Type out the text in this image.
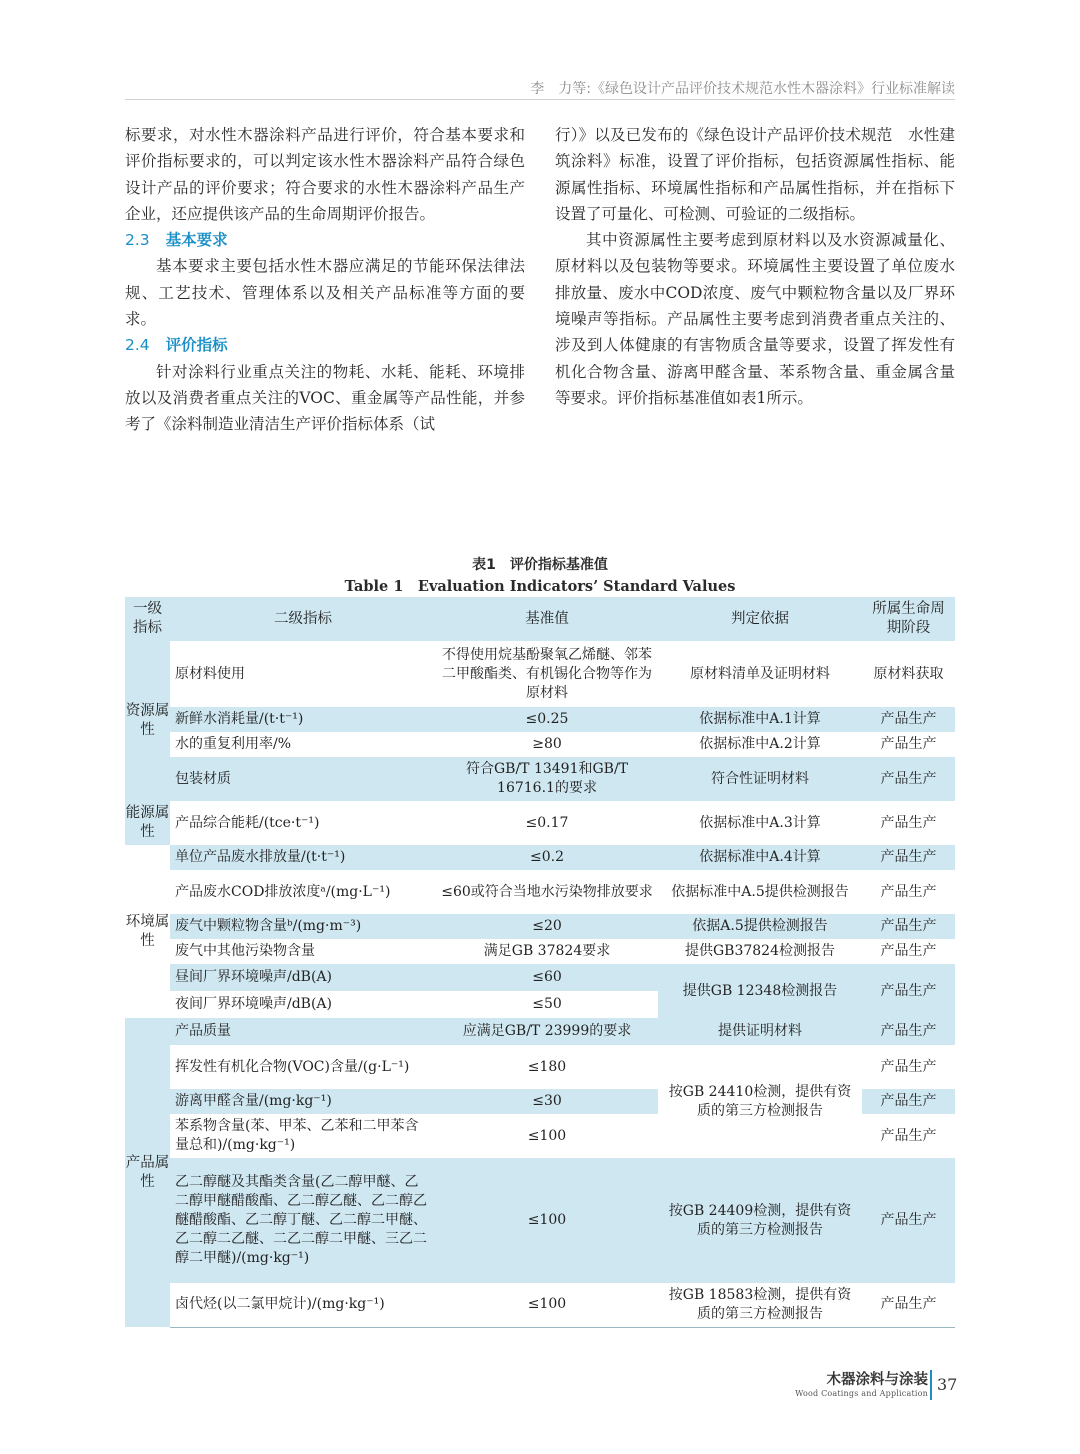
李　力等:《绿色设计产品评价技术规范水性木器涂料》行业标准解读

标要求，对水性木器涂料产品进行评价，符合基本要求和评价指标要求的，可以判定该水性木器涂料产品符合绿色设计产品的评价要求；符合要求的水性木器涂料产品生产企业，还应提供该产品的生命周期评价报告。

2.3 基本要求

基本要求主要包括水性木器应满足的节能环保法律法规、工艺技术、管理体系以及相关产品标准等方面的要求。

2.4 评价指标

针对涂料行业重点关注的物耗、水耗、能耗、环境排放以及消费者重点关注的VOC、重金属等产品性能，并参考了《涂料制造业清洁生产评价指标体系（试

行）》以及已发布的《绿色设计产品评价技术规范　水性建筑涂料》标准，设置了评价指标，包括资源属性指标、能源属性指标、环境属性指标和产品属性指标，并在指标下设置了可量化、可检测、可验证的二级指标。

其中资源属性主要考虑到原材料以及水资源减量化、原材料以及包装物等要求。环境属性主要设置了单位废水排放量、废水中COD浓度、废气中颗粒物含量以及厂界环境噪声等指标。产品属性主要考虑到消费者重点关注的、涉及到人体健康的有害物质含量等要求，设置了挥发性有机化合物含量、游离甲醛含量、苯系物含量、重金属含量等要求。评价指标基准值如表1所示。

表1　评价指标基准值
Table 1　Evaluation Indicators’ Standard Values
一级指标	二级指标	基准值	判定依据	所属生命周期阶段
资源属性	原材料使用	不得使用烷基酚聚氧乙烯醚、邻苯二甲酸酯类、有机锡化合物等作为原材料	原材料清单及证明材料	原材料获取
	新鲜水消耗量/(t·t⁻¹)	≤0.25	依据标准中A.1计算	产品生产
	水的重复利用率/%	≥80	依据标准中A.2计算	产品生产
	包装材质	符合GB/T 13491和GB/T 16716.1的要求	符合性证明材料	产品生产
能源属性	产品综合能耗/(tce·t⁻¹)	≤0.17	依据标准中A.3计算	产品生产
环境属性	单位产品废水排放量/(t·t⁻¹)	≤0.2	依据标准中A.4计算	产品生产
	产品废水COD排放浓度ᵃ/(mg·L⁻¹)	≤60或符合当地水污染物排放要求	依据标准中A.5提供检测报告	产品生产
	废气中颗粒物含量ᵇ/(mg·m⁻³)	≤20	依据A.5提供检测报告	产品生产
	废气中其他污染物含量	满足GB 37824要求	提供GB37824检测报告	产品生产
	昼间厂界环境噪声/dB(A)	≤60	提供GB 12348检测报告	产品生产
	夜间厂界环境噪声/dB(A)	≤50		
产品属性	产品质量	应满足GB/T 23999的要求	提供证明材料	产品生产
	挥发性有机化合物(VOC)含量/(g·L⁻¹)	≤180	按GB 24410检测，提供有资质的第三方检测报告	产品生产
	游离甲醛含量/(mg·kg⁻¹)	≤30		产品生产
	苯系物含量(苯、甲苯、乙苯和二甲苯含量总和)/(mg·kg⁻¹)	≤100		产品生产
	乙二醇醚及其酯类含量(乙二醇甲醚、乙二醇甲醚醋酸酯、乙二醇乙醚、乙二醇乙醚醋酸酯、乙二醇丁醚、乙二醇二甲醚、乙二醇二乙醚、二乙二醇二甲醚、三乙二醇二甲醚)/(mg·kg⁻¹)	≤100	按GB 24409检测，提供有资质的第三方检测报告	产品生产
	卤代烃(以二氯甲烷计)/(mg·kg⁻¹)	≤100	按GB 18583检测，提供有资质的第三方检测报告	产品生产
木器涂料与涂装
Wood Coatings and Application 37
